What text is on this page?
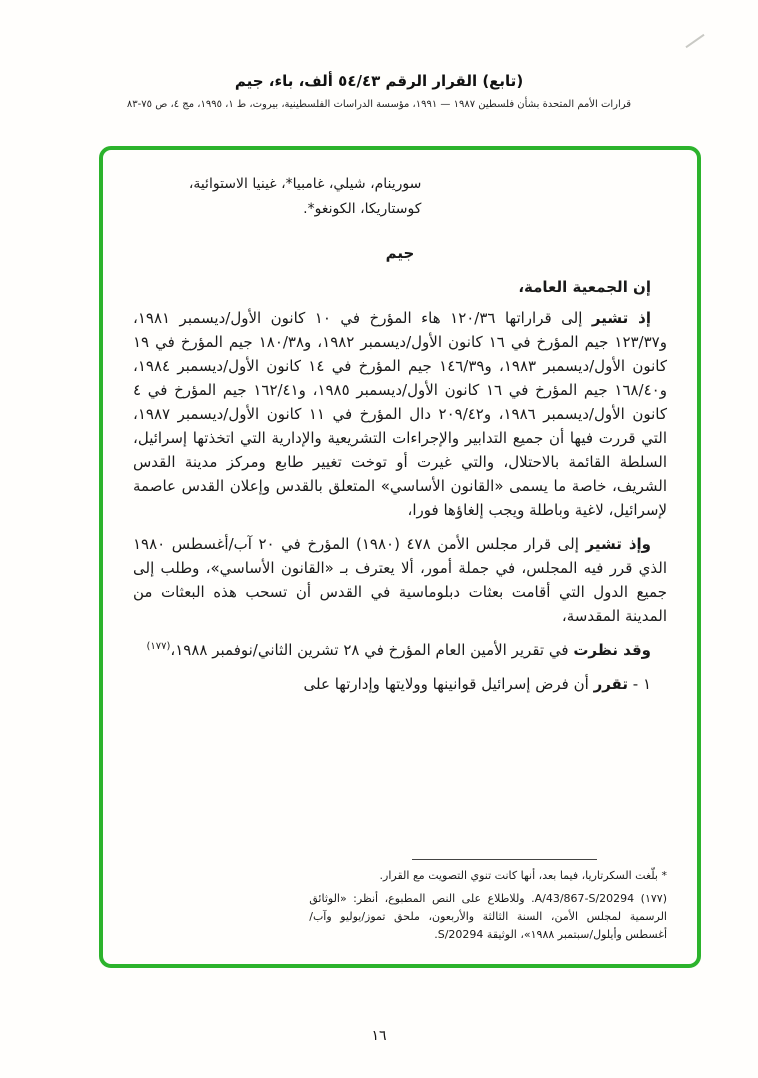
(تابع) القرار الرقم ٥٤/٤٣ ألف، باء، جيم
قرارات الأمم المتحدة بشأن فلسطين ١٩٨٧ — ١٩٩١، مؤسسة الدراسات الفلسطينية، بيروت، ط ١، ١٩٩٥، مج ٤، ص ٧٥-٨٣
سورينام، شيلي، غامبيا*، غينيا الاستوائية،
كوستاريكا، الكونغو*.
جيم

إن الجمعية العامة،

إذ تشير إلى قراراتها ١٢٠/٣٦ هاء المؤرخ في ١٠ كانون الأول/ديسمبر ١٩٨١، و١٢٣/٣٧ جيم المؤرخ في ١٦ كانون الأول/ديسمبر ١٩٨٢، و١٨٠/٣٨ جيم المؤرخ في ١٩ كانون الأول/ديسمبر ١٩٨٣، و١٤٦/٣٩ جيم المؤرخ في ١٤ كانون الأول/ديسمبر ١٩٨٤، و١٦٨/٤٠ جيم المؤرخ في ١٦ كانون الأول/ديسمبر ١٩٨٥، و١٦٢/٤١ جيم المؤرخ في ٤ كانون الأول/ديسمبر ١٩٨٦، و٢٠٩/٤٢ دال المؤرخ في ١١ كانون الأول/ديسمبر ١٩٨٧، التي قررت فيها أن جميع التدابير والإجراءات التشريعية والإدارية التي اتخذتها إسرائيل، السلطة القائمة بالاحتلال، والتي غيرت أو توخت تغيير طابع ومركز مدينة القدس الشريف، خاصة ما يسمى «القانون الأساسي» المتعلق بالقدس وإعلان القدس عاصمة لإسرائيل، لاغية وباطلة ويجب إلغاؤها فورا،

وإذ تشير إلى قرار مجلس الأمن ٤٧٨ (١٩٨٠) المؤرخ في ٢٠ آب/أغسطس ١٩٨٠ الذي قرر فيه المجلس، في جملة أمور، ألا يعترف بـ «القانون الأساسي»، وطلب إلى جميع الدول التي أقامت بعثات دبلوماسية في القدس أن تسحب هذه البعثات من المدينة المقدسة،

وقد نظرت في تقرير الأمين العام المؤرخ في ٢٨ تشرين الثاني/نوفمبر ١٩٨٨،$^{(١٧٧)}$

١ - تقرر أن فرض إسرائيل قوانينها وولايتها وإدارتها على

* بلّغت السكرتاريا، فيما بعد، أنها كانت تنوي التصويت مع القرار.

(١٧٧) A/43/867-S/20294. وللاطلاع على النص المطبوع، أنظر: «الوثائق الرسمية لمجلس الأمن، السنة الثالثة والأربعون، ملحق تموز/يوليو وآب/أغسطس وأيلول/سبتمبر ١٩٨٨»، الوثيقة S/20294.

١٦
